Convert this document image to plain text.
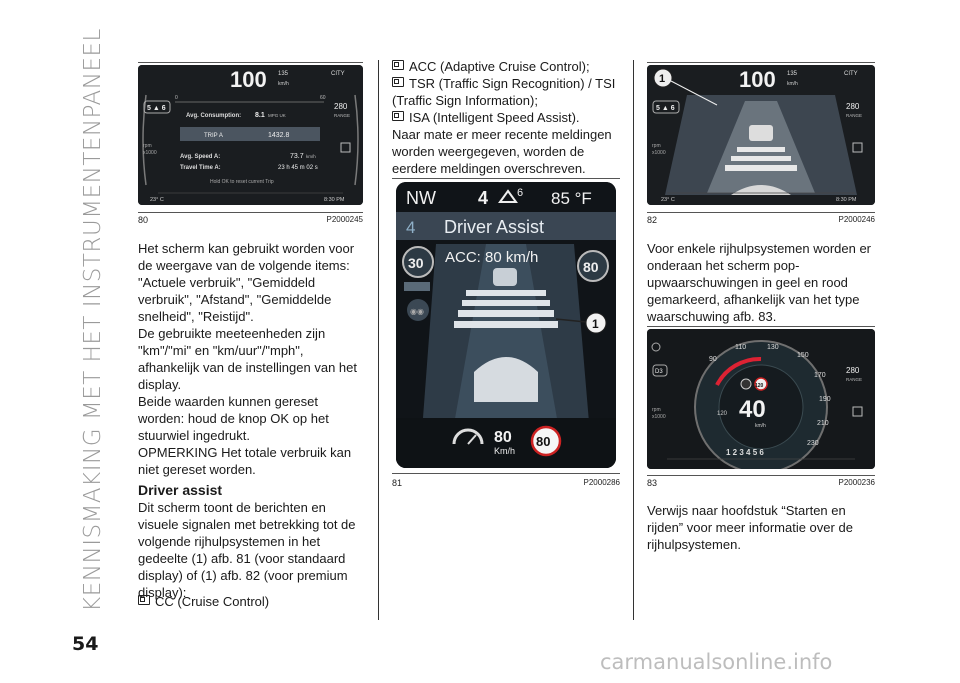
KENNISMAKING MET HET INSTRUMENTENPANEEL
54
carmanualsonline.info
100 135
km/h
CITY
0	60
5 ▲ 6	280
RANGE
Avg. Consumption: 8.1 MPG UK
TRIP A	1432.8
rpm
x1000
Avg. Speed A:	73.7 km/h
Travel Time A:	23 h 45 m 02 s
Hold OK to reset current Trip
23° C	8:30 PM
80	P2000245

Het scherm kan gebruikt worden voor de weergave van de volgende items: "Actuele verbruik", "Gemiddeld verbruik", "Afstand", "Gemiddelde snelheid", "Reistijd".

De gebruikte meeteenheden zijn "km"/"mi" en "km/uur"/"mph", afhankelijk van de instellingen van het display.

Beide waarden kunnen gereset worden: houd de knop OK op het stuurwiel ingedrukt.

OPMERKING Het totale verbruik kan niet gereset worden.

Driver assist

Dit scherm toont de berichten en visuele signalen met betrekking tot de volgende rijhulpsystemen in het gedeelte (1) afb. 81 (voor standaard display) of (1) afb. 82 (voor premium display):

CC (Cruise Control)
ACC (Adaptive Cruise Control);
TSR (Traffic Sign Recognition) / TSI (Traffic Sign Information);
ISA (Intelligent Speed Assist).

Naar mate er meer recente meldingen worden weergegeven, worden de eerdere meldingen overschreven.

NW 4	6 85 °F
4 Driver Assist
ACC: 80 km/h
30	80
◉◉
1
80
Km/h
80
81	P2000286
1	100 135
km/h
CITY
5 ▲ 6	280
RANGE
rpm
x1000
23° C	8:30 PM
82	P2000246

Voor enkele rijhulpsystemen worden er onderaan het scherm pop-upwaarschuwingen in geel en rood gemarkeerd, afhankelijk van het type waarschuwing afb. 83.

110	130
150
170
190
210
230
90
120
120 40
km/h
D3
rpm
x1000
280
RANGE
1 2 3 4 5 6
83	P2000236

Verwijs naar hoofdstuk “Starten en rijden” voor meer informatie over de rijhulpsystemen.
